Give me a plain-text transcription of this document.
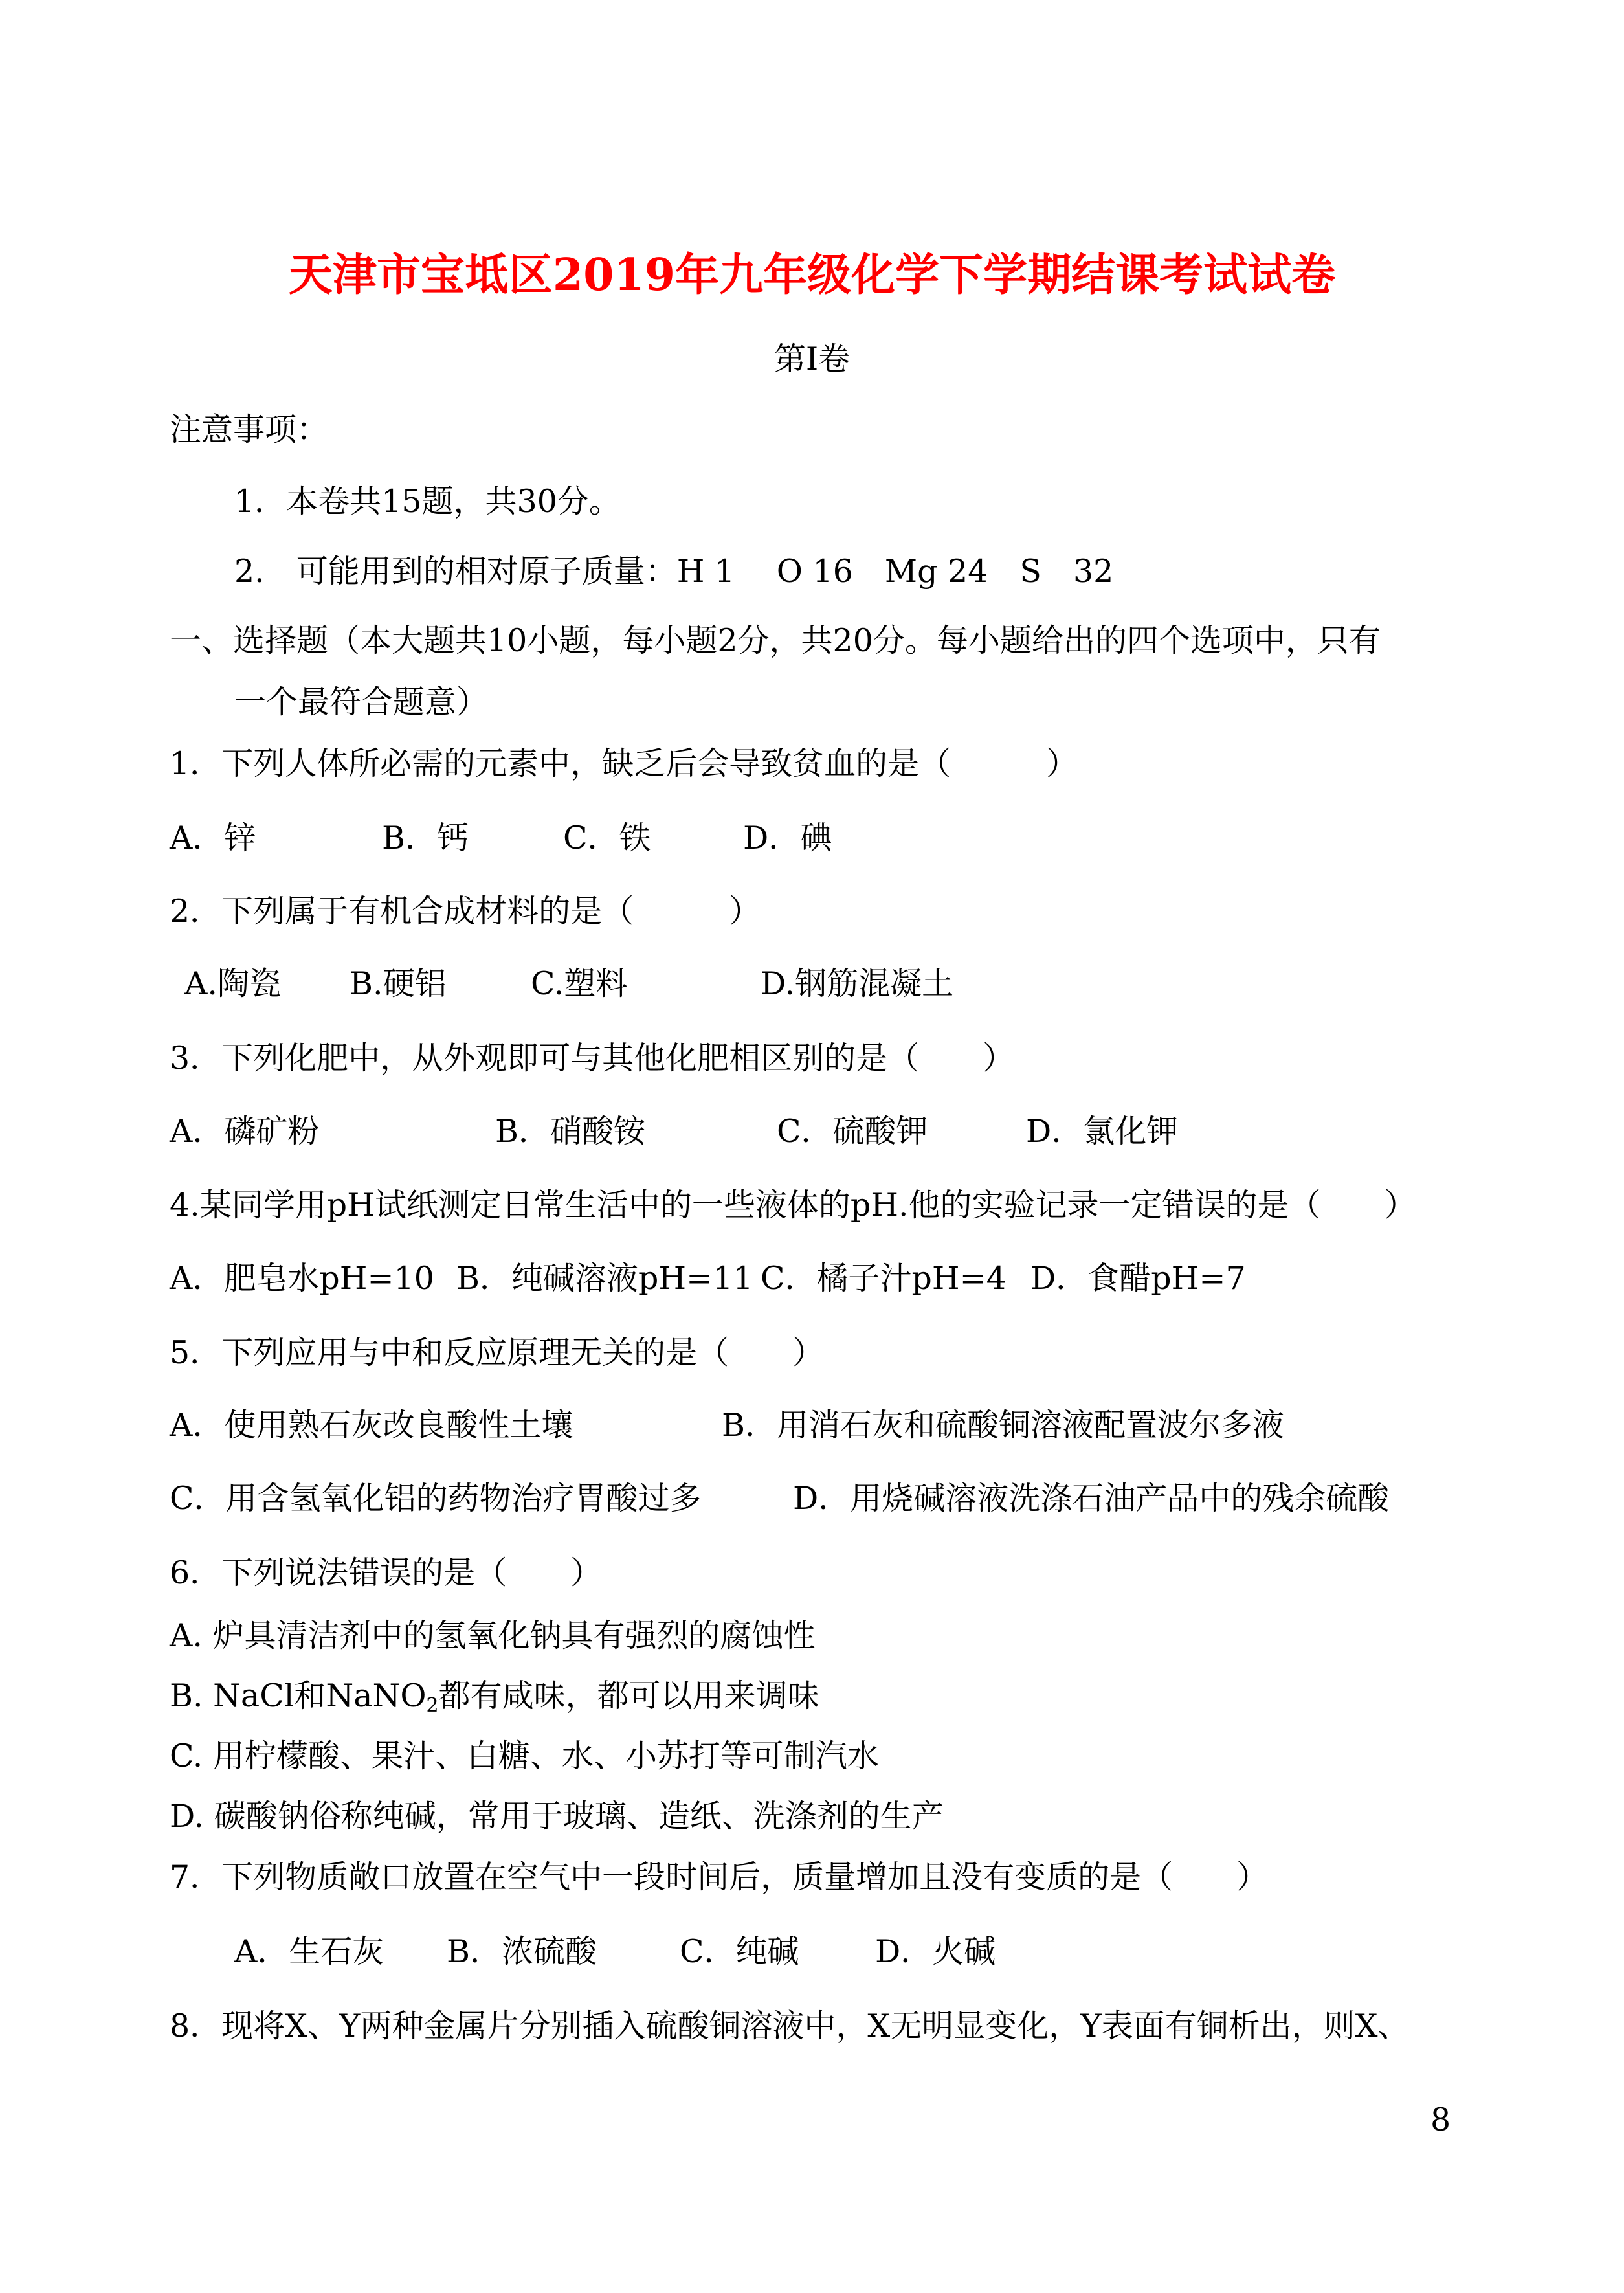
天津市宝坻区2019年九年级化学下学期结课考试试卷
第Ⅰ卷
注意事项：
1．本卷共15题，共30分。
2.　可能用到的相对原子质量：H 1　 O 16　Mg 24　S　32
一、选择题（本大题共10小题，每小题2分，共20分。每小题给出的四个选项中，只有
一个最符合题意）
1．下列人体所必需的元素中，缺乏后会导致贫血的是（　　　）
A．锌	B．钙	C．铁	D．碘
2．下列属于有机合成材料的是（　　　）
A.陶瓷 B.硬铝	C.塑料	D.钢筋混凝土
3．下列化肥中，从外观即可与其他化肥相区别的是（　　）
A．磷矿粉	B．硝酸铵	C．硫酸钾	D．氯化钾
4.某同学用pH试纸测定日常生活中的一些液体的pH.他的实验记录一定错误的是（　　）
A．肥皂水pH=10 B．纯碱溶液pH=11 C．橘子汁pH=4 D．食醋pH=7
5．下列应用与中和反应原理无关的是（　　）
A．使用熟石灰改良酸性土壤	B．用消石灰和硫酸铜溶液配置波尔多液
C．用含氢氧化铝的药物治疗胃酸过多	D．用烧碱溶液洗涤石油产品中的残余硫酸
6．下列说法错误的是（　　）
A. 炉具清洁剂中的氢氧化钠具有强烈的腐蚀性
B. NaCl和NaNO$_2$都有咸味，都可以用来调味
C. 用柠檬酸、果汁、白糖、水、小苏打等可制汽水
D. 碳酸钠俗称纯碱，常用于玻璃、造纸、洗涤剂的生产
7．下列物质敞口放置在空气中一段时间后，质量增加且没有变质的是（　　）
A．生石灰 B．浓硫酸	C．纯碱 D．火碱
8．现将X、Y两种金属片分别插入硫酸铜溶液中，X无明显变化，Y表面有铜析出，则X、
8
